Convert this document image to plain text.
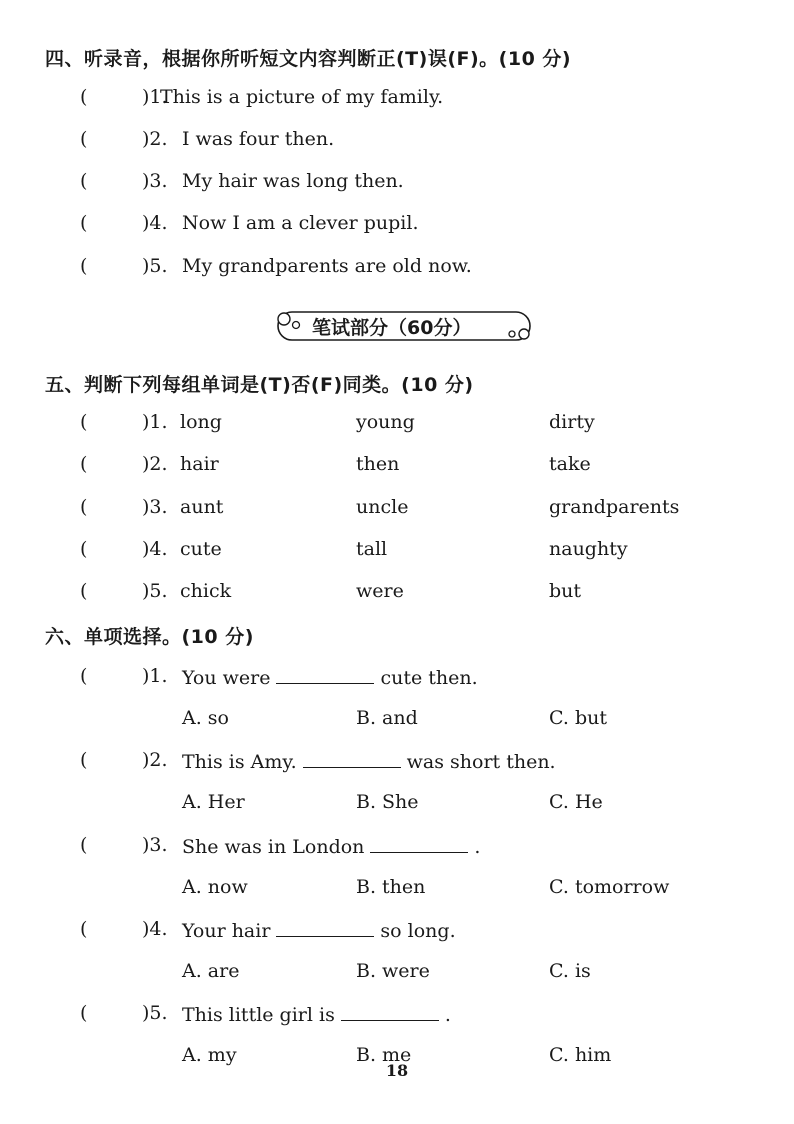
四、听录音，根据你所听短文内容判断正(T)误(F)。(10 分)
(	)1.
This is a picture of my family.
(	)2. I was four then.
(	)3. My hair was long then.
(	)4. Now I am a clever pupil.
(	)5. My grandparents are old now.
笔试部分（60分）
五、判断下列每组单词是(T)否(F)同类。(10 分)
(	)1. long	young	dirty
(	)2. hair	then	take
(	)3. aunt	uncle	grandparents
(	)4. cute	tall	naughty
(	)5. chick	were	but
六、单项选择。(10 分)
(	)1. You were	cute then.
A. so	B. and	C. but
(	)2. This is Amy.	was short then.
A. Her	B. She	C. He
(	)3. She was in London	.
A. now	B. then	C. tomorrow
(	)4. Your hair	so long.
A. are	B. were	C. is
(	)5. This little girl is	.
A. my	B. me	C. him
18
